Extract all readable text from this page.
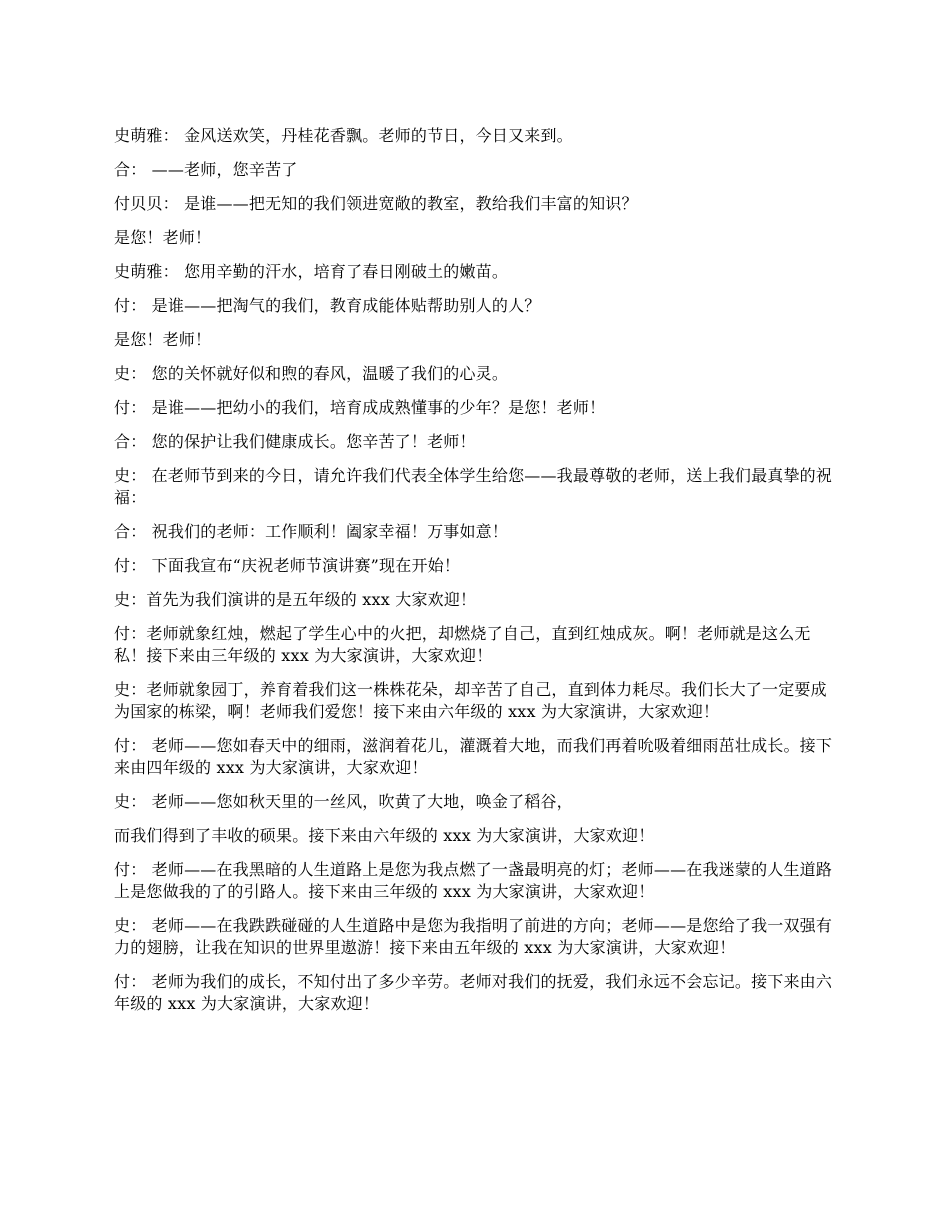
史萌雅： 金风送欢笑，丹桂花香飘。老师的节日，今日又来到。

合： ——老师，您辛苦了

付贝贝： 是谁——把无知的我们领进宽敞的教室，教给我们丰富的知识？

是您！老师！

史萌雅： 您用辛勤的汗水，培育了春日刚破土的嫩苗。

付： 是谁——把淘气的我们，教育成能体贴帮助别人的人？

是您！老师！

史： 您的关怀就好似和煦的春风，温暖了我们的心灵。

付： 是谁——把幼小的我们，培育成成熟懂事的少年？是您！老师！

合： 您的保护让我们健康成长。您辛苦了！老师！

史： 在老师节到来的今日，请允许我们代表全体学生给您——我最尊敬的老师，送上我们最真挚的祝福：

合： 祝我们的老师：工作顺利！阖家幸福！万事如意！

付： 下面我宣布“庆祝老师节演讲赛”现在开始！

史：首先为我们演讲的是五年级的 xxx 大家欢迎！

付：老师就象红烛，燃起了学生心中的火把，却燃烧了自己，直到红烛成灰。啊！老师就是这么无私！接下来由三年级的 xxx 为大家演讲，大家欢迎！

史：老师就象园丁，养育着我们这一株株花朵，却辛苦了自己，直到体力耗尽。我们长大了一定要成为国家的栋梁，啊！老师我们爱您！接下来由六年级的 xxx 为大家演讲，大家欢迎！

付： 老师——您如春天中的细雨，滋润着花儿，灌溉着大地，而我们再着吮吸着细雨茁壮成长。接下来由四年级的 xxx 为大家演讲，大家欢迎！

史： 老师——您如秋天里的一丝风，吹黄了大地，唤金了稻谷，

而我们得到了丰收的硕果。接下来由六年级的 xxx 为大家演讲，大家欢迎！

付： 老师——在我黑暗的人生道路上是您为我点燃了一盏最明亮的灯；老师——在我迷蒙的人生道路上是您做我的了的引路人。接下来由三年级的 xxx 为大家演讲，大家欢迎！

史： 老师——在我跌跌碰碰的人生道路中是您为我指明了前进的方向；老师——是您给了我一双强有力的翅膀，让我在知识的世界里遨游！接下来由五年级的 xxx 为大家演讲，大家欢迎！

付： 老师为我们的成长，不知付出了多少辛劳。老师对我们的抚爱，我们永远不会忘记。接下来由六年级的 xxx 为大家演讲，大家欢迎！
